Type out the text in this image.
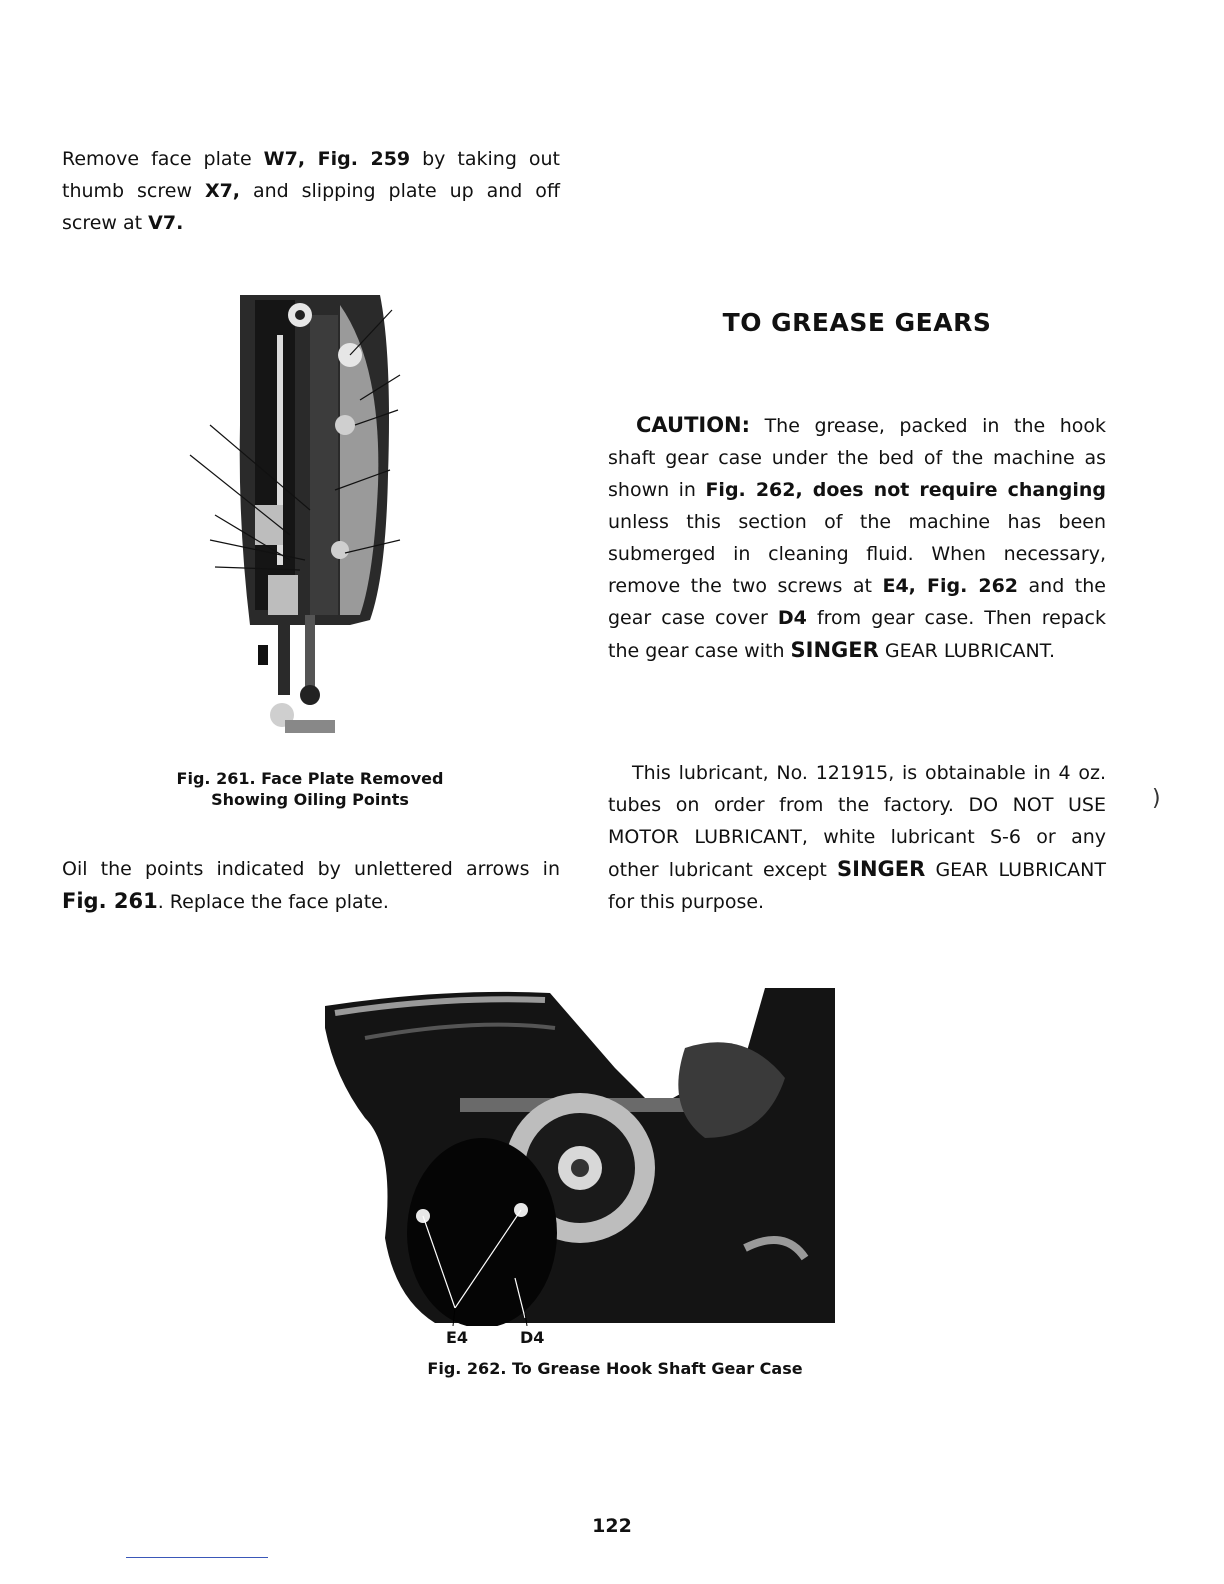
Remove face plate W7, Fig. 259 by taking out thumb screw X7, and slipping plate up and off screw at V7.
Fig. 261. Face Plate Removed
Showing Oiling Points
Oil the points indicated by unlettered arrows in Fig. 261. Replace the face plate.
TO GREASE GEARS
CAUTION: The grease, packed in the hook shaft gear case under the bed of the machine as shown in Fig. 262, does not require changing unless this section of the machine has been submerged in cleaning fluid. When necessary, remove the two screws at E4, Fig. 262 and the gear case cover D4 from gear case. Then repack the gear case with SINGER GEAR LUBRICANT.
This lubricant, No. 121915, is obtainable in 4 oz. tubes on order from the factory. DO NOT USE MOTOR LUBRICANT, white lubricant S-6 or any other lubricant except SINGER GEAR LUBRICANT for this purpose.
E4	D4
Fig. 262. To Grease Hook Shaft Gear Case
122
)
